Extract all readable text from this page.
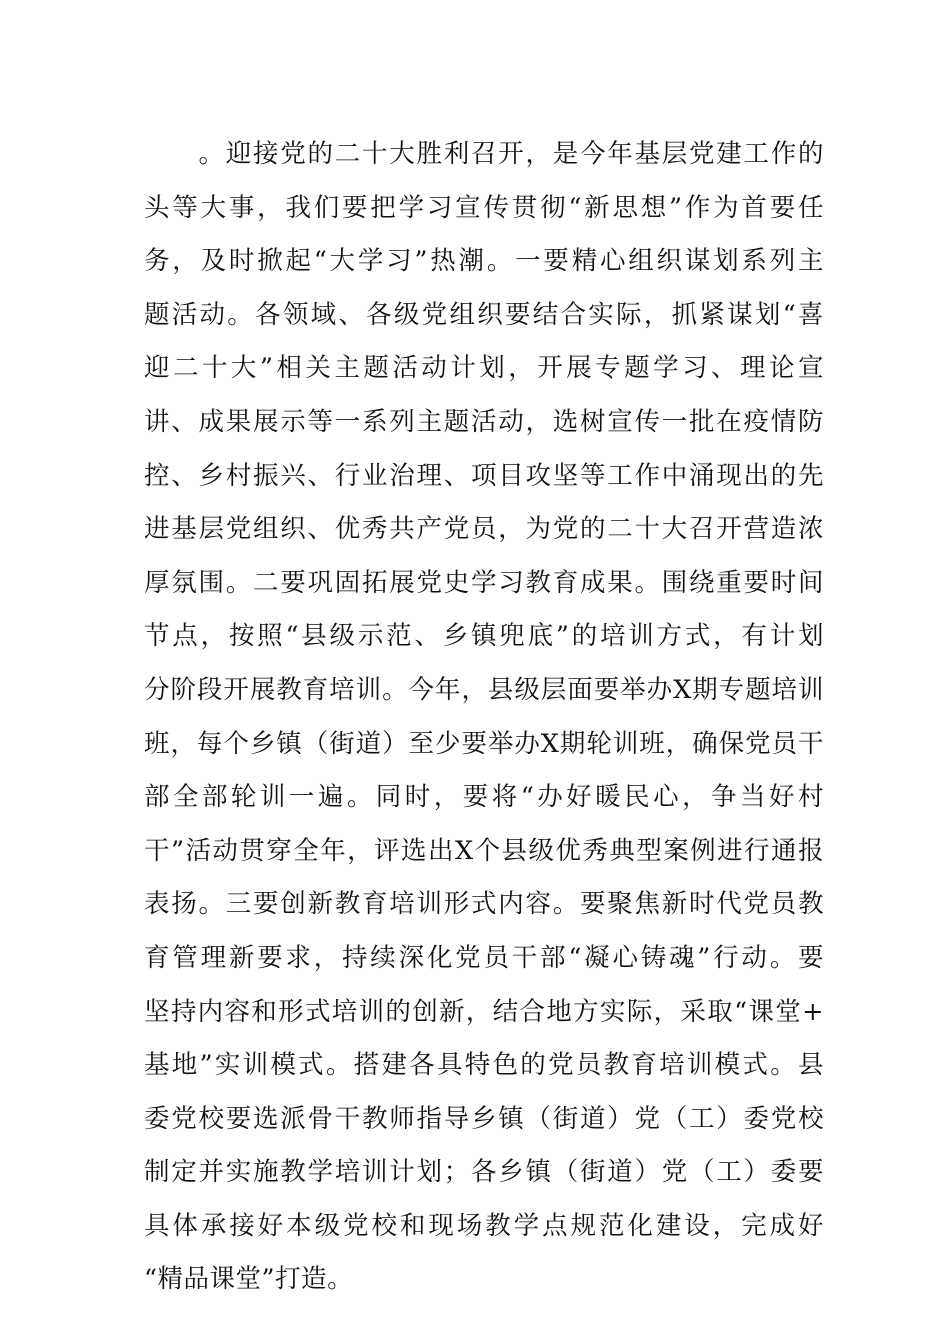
　　。迎接党的二十大胜利召开，是今年基层党建工作的
头等大事，我们要把学习宣传贯彻“新思想”作为首要任
务，及时掀起“大学习”热潮。一要精心组织谋划系列主
题活动。各领域、各级党组织要结合实际，抓紧谋划“喜
迎二十大”相关主题活动计划，开展专题学习、理论宣
讲、成果展示等一系列主题活动，选树宣传一批在疫情防
控、乡村振兴、行业治理、项目攻坚等工作中涌现出的先
进基层党组织、优秀共产党员，为党的二十大召开营造浓
厚氛围。二要巩固拓展党史学习教育成果。围绕重要时间
节点，按照“县级示范、乡镇兜底”的培训方式，有计划
分阶段开展教育培训。今年，县级层面要举办X期专题培训
班，每个乡镇（街道）至少要举办X期轮训班，确保党员干
部全部轮训一遍。同时，要将“办好暖民心，争当好村
干”活动贯穿全年，评选出X个县级优秀典型案例进行通报
表扬。三要创新教育培训形式内容。要聚焦新时代党员教
育管理新要求，持续深化党员干部“凝心铸魂”行动。要
坚持内容和形式培训的创新，结合地方实际，采取“课堂+
基地”实训模式。搭建各具特色的党员教育培训模式。县
委党校要选派骨干教师指导乡镇（街道）党（工）委党校
制定并实施教学培训计划；各乡镇（街道）党（工）委要
具体承接好本级党校和现场教学点规范化建设，完成好
“精品课堂”打造。
